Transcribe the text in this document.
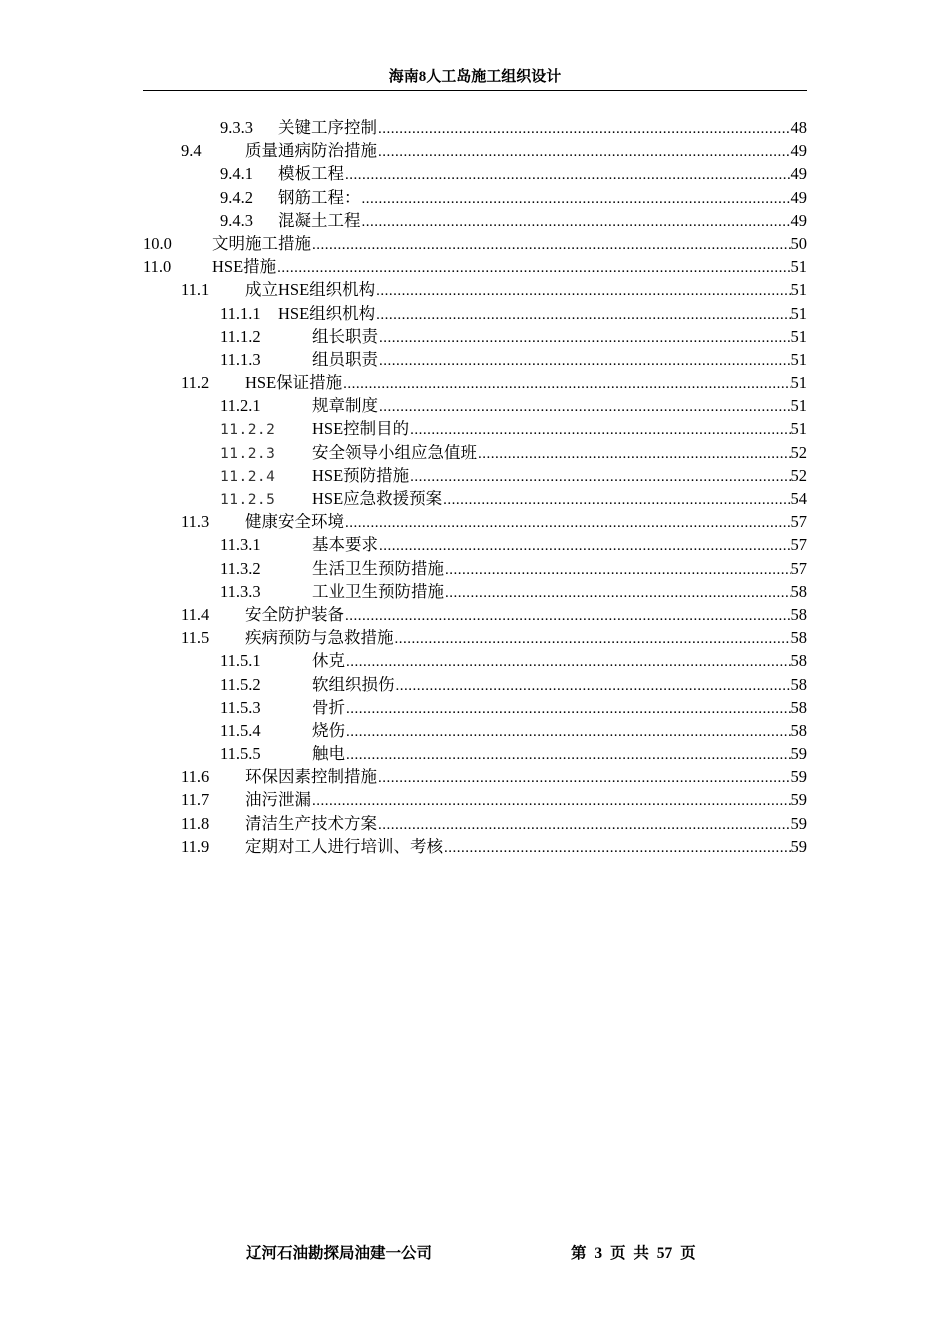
海南8人工岛施工组织设计
9.3.3	关键工序控制 .....	48
9.4	质量通病防治措施 .....	49
9.4.1	模板工程 .....	49
9.4.2	钢筋工程： .....	49
9.4.3	混凝土工程 .....	49
10.0	文明施工措施 .....	50
11.0	HSE措施 .....	51
11.1	成立HSE组织机构 .....	51
11.1.1	HSE组织机构 .....	51
11.1.2	组长职责 .....	51
11.1.3	组员职责 .....	51
11.2	HSE保证措施 .....	51
11.2.1	规章制度 .....	51
11.2.2	HSE控制目的 .....	51
11.2.3	安全领导小组应急值班 .....	52
11.2.4	HSE预防措施 .....	52
11.2.5	HSE应急救援预案 .....	54
11.3	健康安全环境 .....	57
11.3.1	基本要求 .....	57
11.3.2	生活卫生预防措施 .....	57
11.3.3	工业卫生预防措施 .....	58
11.4	安全防护装备 .....	58
11.5	疾病预防与急救措施 .....	58
11.5.1	休克 .....	58
11.5.2	软组织损伤 .....	58
11.5.3	骨折 .....	58
11.5.4	烧伤 .....	58
11.5.5	触电 .....	59
11.6	环保因素控制措施 .....	59
11.7	油污泄漏 .....	59
11.8	清洁生产技术方案 .....	59
11.9	定期对工人进行培训、考核 .....	59
辽河石油勘探局油建一公司	第 3 页 共 57 页
